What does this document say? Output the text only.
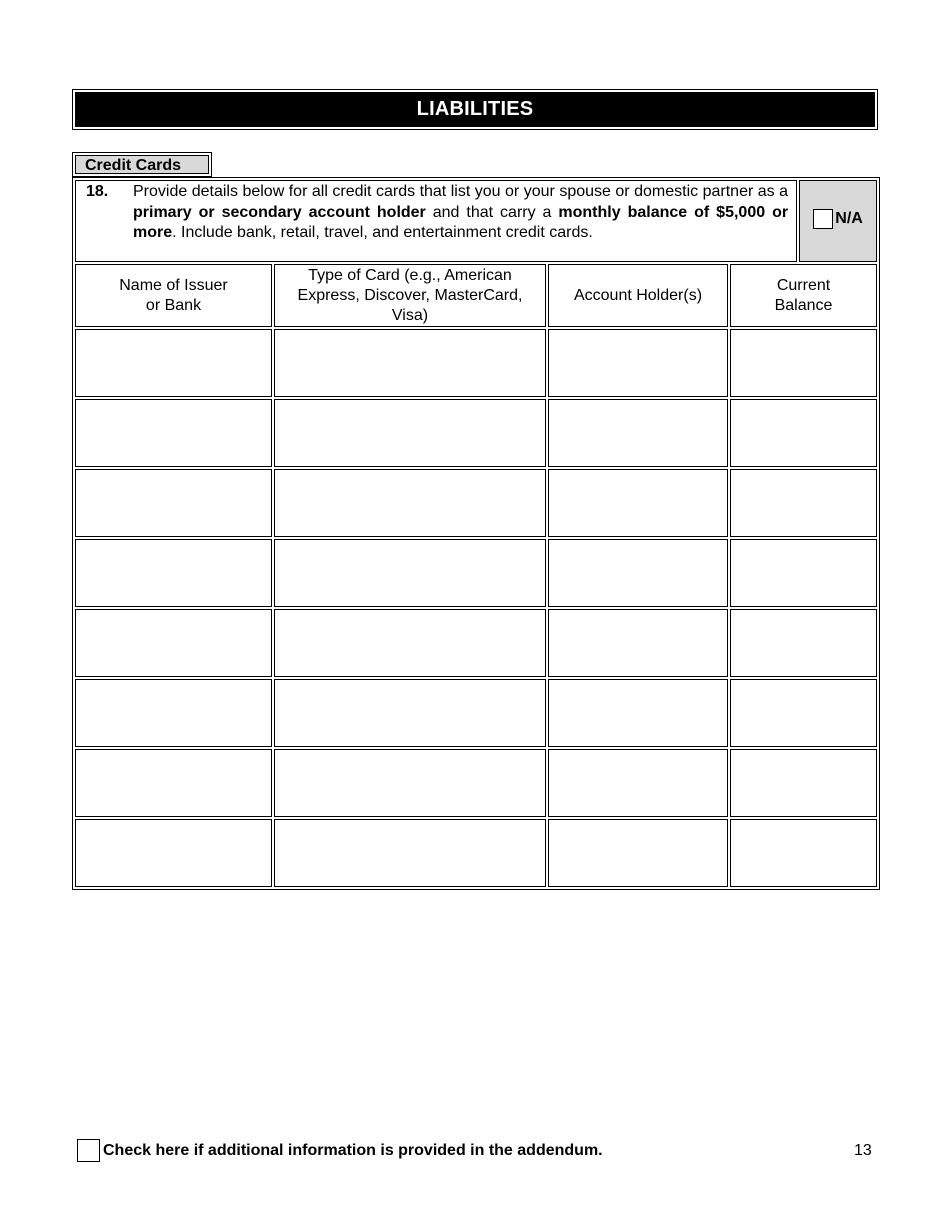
LIABILITIES
Credit Cards
18. Provide details below for all credit cards that list you or your spouse or domestic partner as a primary or secondary account holder and that carry a monthly balance of $5,000 or more. Include bank, retail, travel, and entertainment credit cards.				N/A

Name of Issuer
or Bank	Type of Card (e.g., American
Express, Discover, MasterCard,
Visa)	Account Holder(s)	Current
Balance	

Check here if additional information is provided in the addendum.	13
